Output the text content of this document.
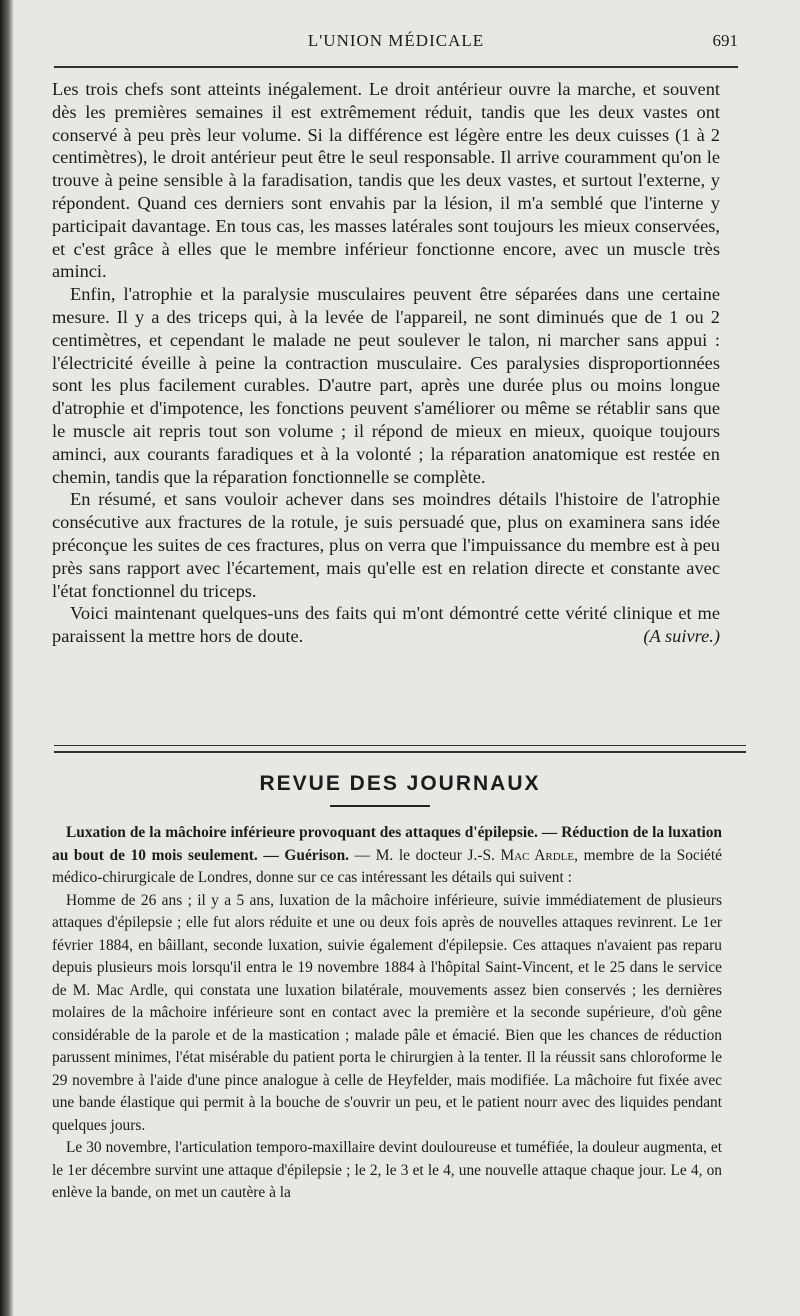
L'UNION MÉDICALE	691

Les trois chefs sont atteints inégalement. Le droit antérieur ouvre la marche, et souvent dès les premières semaines il est extrêmement réduit, tandis que les deux vastes ont conservé à peu près leur volume. Si la différence est légère entre les deux cuisses (1 à 2 centimètres), le droit antérieur peut être le seul responsable. Il arrive couramment qu'on le trouve à peine sensible à la faradisation, tandis que les deux vastes, et surtout l'externe, y répondent. Quand ces derniers sont envahis par la lésion, il m'a semblé que l'interne y participait davantage. En tous cas, les masses latérales sont toujours les mieux conservées, et c'est grâce à elles que le membre inférieur fonctionne encore, avec un muscle très aminci.

Enfin, l'atrophie et la paralysie musculaires peuvent être séparées dans une certaine mesure. Il y a des triceps qui, à la levée de l'appareil, ne sont diminués que de 1 ou 2 centimètres, et cependant le malade ne peut soulever le talon, ni marcher sans appui : l'électricité éveille à peine la contraction musculaire. Ces paralysies disproportionnées sont les plus facilement curables. D'autre part, après une durée plus ou moins longue d'atrophie et d'impotence, les fonctions peuvent s'améliorer ou même se rétablir sans que le muscle ait repris tout son volume ; il répond de mieux en mieux, quoique toujours aminci, aux courants faradiques et à la volonté ; la réparation anatomique est restée en chemin, tandis que la réparation fonctionnelle se complète.

En résumé, et sans vouloir achever dans ses moindres détails l'histoire de l'atrophie consécutive aux fractures de la rotule, je suis persuadé que, plus on examinera sans idée préconçue les suites de ces fractures, plus on verra que l'impuissance du membre est à peu près sans rapport avec l'écartement, mais qu'elle est en relation directe et constante avec l'état fonctionnel du triceps.

Voici maintenant quelques-uns des faits qui m'ont démontré cette vérité clinique et me paraissent la mettre hors de doute.	(A suivre.)

REVUE DES JOURNAUX

Luxation de la mâchoire inférieure provoquant des attaques d'épilepsie. — Réduction de la luxation au bout de 10 mois seulement. — Guérison. — M. le docteur J.-S. Mac Ardle, membre de la Société médico-chirurgicale de Londres, donne sur ce cas intéressant les détails qui suivent :

Homme de 26 ans ; il y a 5 ans, luxation de la mâchoire inférieure, suivie immédiatement de plusieurs attaques d'épilepsie ; elle fut alors réduite et une ou deux fois après de nouvelles attaques revinrent. Le 1er février 1884, en bâillant, seconde luxation, suivie également d'épilepsie. Ces attaques n'avaient pas reparu depuis plusieurs mois lorsqu'il entra le 19 novembre 1884 à l'hôpital Saint-Vincent, et le 25 dans le service de M. Mac Ardle, qui constata une luxation bilatérale, mouvements assez bien conservés ; les dernières molaires de la mâchoire inférieure sont en contact avec la première et la seconde supérieure, d'où gêne considérable de la parole et de la mastication ; malade pâle et émacié. Bien que les chances de réduction parussent minimes, l'état misérable du patient porta le chirurgien à la tenter. Il la réussit sans chloroforme le 29 novembre à l'aide d'une pince analogue à celle de Heyfelder, mais modifiée. La mâchoire fut fixée avec une bande élastique qui permit à la bouche de s'ouvrir un peu, et le patient nourr avec des liquides pendant quelques jours.

Le 30 novembre, l'articulation temporo-maxillaire devint douloureuse et tuméfiée, la douleur augmenta, et le 1er décembre survint une attaque d'épilepsie ; le 2, le 3 et le 4, une nouvelle attaque chaque jour. Le 4, on enlève la bande, on met un cautère à la
